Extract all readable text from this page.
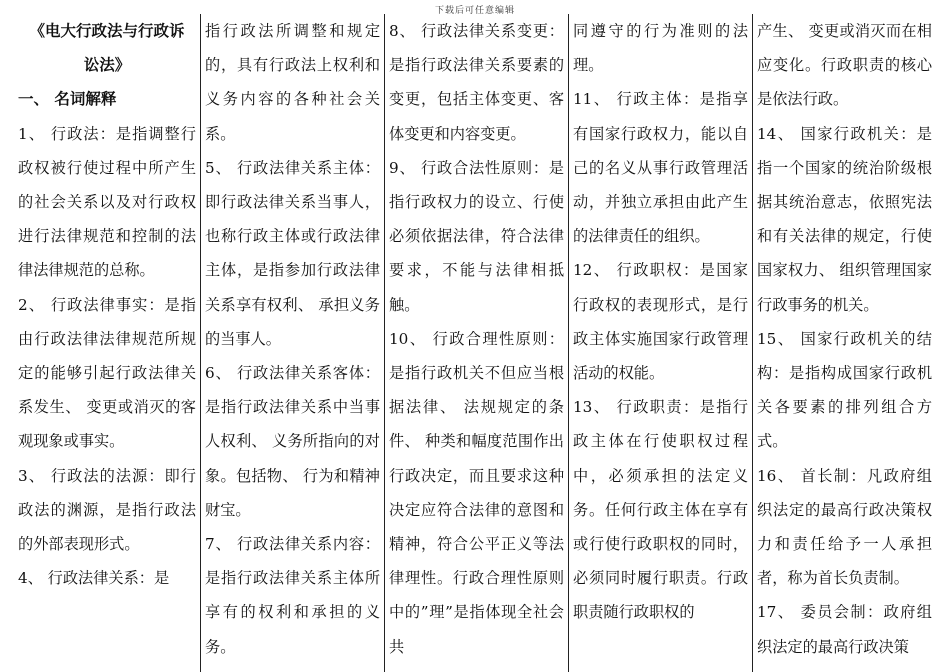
下载后可任意编辑

《电大行政法与行政诉

讼法》

一、 名词解释

1、 行政法：是指调整行政权被行使过程中所产生的社会关系以及对行政权进行法律规范和控制的法律法律规范的总称。

2、 行政法律事实：是指由行政法律法律规范所规定的能够引起行政法律关系发生、 变更或消灭的客观现象或事实。

3、 行政法的法源：即行政法的渊源，是指行政法的外部表现形式。

4、 行政法律关系：是

指行政法所调整和规定的，具有行政法上权利和义务内容的各种社会关系。

5、 行政法律关系主体：即行政法律关系当事人，也称行政主体或行政法律主体，是指参加行政法律关系享有权利、 承担义务的当事人。

6、 行政法律关系客体：是指行政法律关系中当事人权利、 义务所指向的对象。包括物、 行为和精神财宝。

7、 行政法律关系内容：是指行政法律关系主体所享有的权利和承担的义务。

8、 行政法律关系变更：是指行政法律关系要素的变更，包括主体变更、客体变更和内容变更。

9、 行政合法性原则：是指行政权力的设立、行使必须依据法律，符合法律要求，不能与法律相抵触。

10、 行政合理性原则：是指行政机关不但应当根据法律、 法规规定的条件、 种类和幅度范围作出行政决定，而且要求这种决定应符合法律的意图和精神，符合公平正义等法律理性。行政合理性原则中的”理”是指体现全社会共

同遵守的行为准则的法理。

11、 行政主体：是指享有国家行政权力，能以自己的名义从事行政管理活动，并独立承担由此产生的法律责任的组织。

12、 行政职权：是国家行政权的表现形式，是行政主体实施国家行政管理活动的权能。

13、 行政职责：是指行政主体在行使职权过程中，必须承担的法定义务。任何行政主体在享有或行使行政职权的同时，必须同时履行职责。行政职责随行政职权的

产生、 变更或消灭而在相应变化。行政职责的核心是依法行政。

14、 国家行政机关：是指一个国家的统治阶级根据其统治意志，依照宪法和有关法律的规定，行使国家权力、 组织管理国家行政事务的机关。

15、 国家行政机关的结构：是指构成国家行政机关各要素的排列组合方式。

16、 首长制：凡政府组织法定的最高行政决策权力和责任给予一人承担者，称为首长负责制。

17、 委员会制：政府组织法定的最高行政决策
